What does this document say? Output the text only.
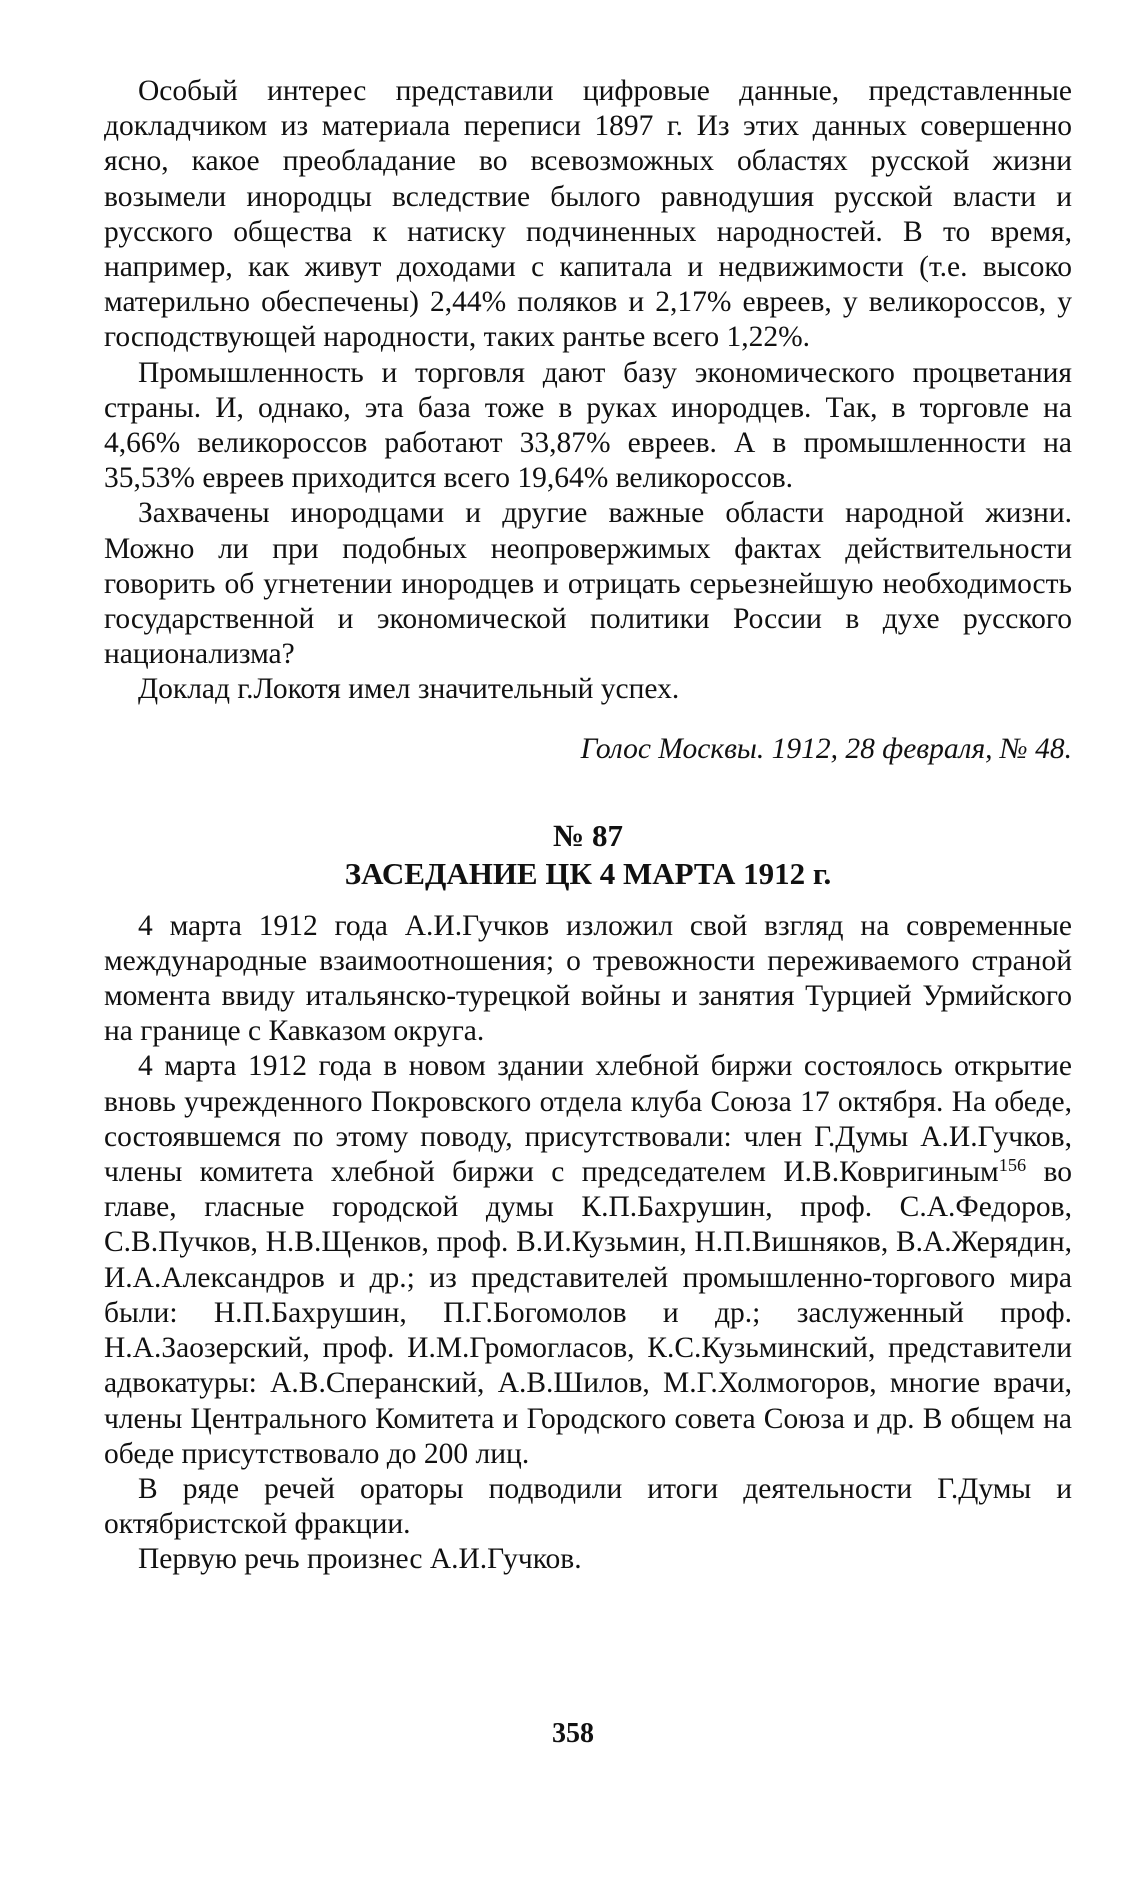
Особый интерес представили цифровые данные, представленные докладчиком из материала переписи 1897 г. Из этих данных совершенно ясно, какое преобладание во всевозможных областях русской жизни возымели инородцы вследствие былого равнодушия русской власти и русского общества к натиску подчиненных народностей. В то время, например, как живут доходами с капитала и недвижимости (т.е. высоко материльно обеспечены) 2,44% поляков и 2,17% евреев, у великороссов, у господствующей народности, таких рантье всего 1,22%.

Промышленность и торговля дают базу экономического процветания страны. И, однако, эта база тоже в руках инородцев. Так, в торговле на 4,66% великороссов работают 33,87% евреев. А в промышленности на 35,53% евреев приходится всего 19,64% великороссов.

Захвачены инородцами и другие важные области народной жизни. Можно ли при подобных неопровержимых фактах действительности говорить об угнетении инородцев и отрицать серьезнейшую необходимость государственной и экономической политики России в духе русского национализма?

Доклад г.Локотя имел значительный успех.

Голос Москвы. 1912, 28 февраля, № 48.

№ 87

ЗАСЕДАНИЕ ЦК 4 МАРТА 1912 г.

4 марта 1912 года А.И.Гучков изложил свой взгляд на современные международные взаимоотношения; о тревожности переживаемого страной момента ввиду итальянско-турецкой войны и занятия Турцией Урмийского на границе с Кавказом округа.

4 марта 1912 года в новом здании хлебной биржи состоялось открытие вновь учрежденного Покровского отдела клуба Союза 17 октября. На обеде, состоявшемся по этому поводу, присутствовали: член Г.Думы А.И.Гучков, члены комитета хлебной биржи с председателем И.В.Ковригиным$^{156}$ во главе, гласные городской думы К.П.Бахрушин, проф. С.А.Федоров, С.В.Пучков, Н.В.Щенков, проф. В.И.Кузьмин, Н.П.Вишняков, В.А.Жерядин, И.А.Александров и др.; из представителей промышленно-торгового мира были: Н.П.Бахрушин, П.Г.Богомолов и др.; заслуженный проф. Н.А.Заозерский, проф. И.М.Громогласов, К.С.Кузьминский, представители адвокатуры: А.В.Сперанский, А.В.Шилов, М.Г.Холмогоров, многие врачи, члены Центрального Комитета и Городского совета Союза и др. В общем на обеде присутствовало до 200 лиц.

В ряде речей ораторы подводили итоги деятельности Г.Думы и октябристской фракции.

Первую речь произнес А.И.Гучков.

358
